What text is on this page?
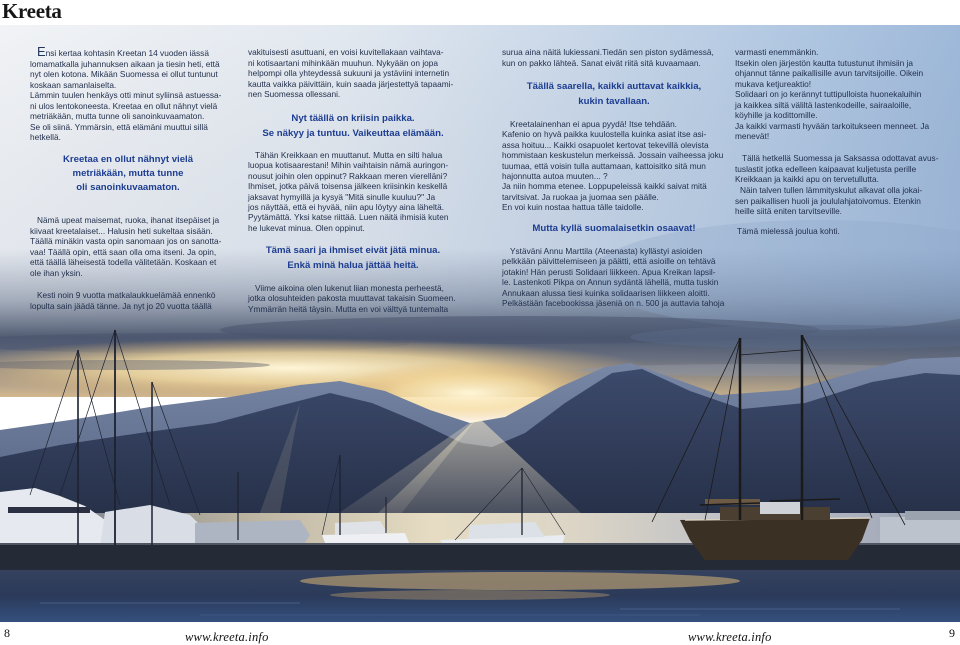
Kreeta
Ensi kertaa kohtasin Kreetan 14 vuoden iässä
lomamatkalla juhannuksen aikaan ja tiesin heti, että
nyt olen kotona. Mikään Suomessa ei ollut tuntunut
koskaan samanlaiselta.
Lämmin tuulen henkäys otti minut syliinsä astuessa-
ni ulos lentokoneesta. Kreetaa en ollut nähnyt vielä
metriäkään, mutta tunne oli sanoinkuvaamaton.
Se oli siinä. Ymmärsin, että elämäni muuttui sillä
hetkellä.
Kreetaa en ollut nähnyt vielä
metriäkään, mutta tunne
oli sanoinkuvaamaton.
Nämä upeat maisemat, ruoka, ihanat itsepäiset ja
kiivaat kreetalaiset... Halusin heti sukeltaa sisään.
Täällä minäkin vasta opin sanomaan jos on sanotta-
vaa! Täällä opin, että saan olla oma itseni. Ja opin,
että täällä läheisestä todella välitetään. Koskaan et
ole ihan yksin.
Kesti noin 9 vuotta matkalaukkuelämää ennenkö
lopulta sain jäädä tänne. Ja nyt jo 20 vuotta täällä
vakituisesti asuttuani, en voisi kuvitellakaan vaihtava-
ni kotisaartani mihinkään muuhun. Nykyään on jopa
helpompi olla yhteydessä sukuuni ja ystäviini internetin
kautta vaikka päivittäin, kuin saada järjestettyä tapaami-
nen Suomessa ollessani.
Nyt täällä on kriisin paikka.
Se näkyy ja tuntuu. Vaikeuttaa elämään.
Tähän Kreikkaan en muuttanut. Mutta en silti halua
luopua kotisaarestani! Mihin vaihtaisin nämä auringon-
nousut joihin olen oppinut? Rakkaan meren vierelläni?
Ihmiset, jotka päivä toisensa jälkeen kriisinkin keskellä
jaksavat hymyillä ja kysyä "Mitä sinulle kuuluu?" Ja
jos näyttää, että ei hyvää, niin apu löytyy aina läheltä.
Pyytämättä. Yksi katse riittää. Luen näitä ihmisiä kuten
he lukevat minua. Olen oppinut.
Tämä saari ja ihmiset eivät jätä minua.
Enkä minä halua jättää heitä.
Viime aikoina olen lukenut liian monesta perheestä,
jotka olosuhteiden pakosta muuttavat takaisin Suomeen.
Ymmärrän heitä täysin. Mutta en voi välttyä tuntemalta
surua aina näitä lukiessani.Tiedän sen piston sydämessä,
kun on pakko lähteä. Sanat eivät riitä sitä kuvaamaan.
Täällä saarella, kaikki auttavat kaikkia,
kukin tavallaan.
Kreetalainenhan ei apua pyydä! Itse tehdään.
Kafenio on hyvä paikka kuulostella kuinka asiat itse asi-
assa hoituu... Kaikki osapuolet kertovat tekevillä olevista
hommistaan keskustelun merkeissä. Jossain vaiheessa joku
tuumaa, että voisin tulla auttamaan, kattoisitko sitä mun
hajonnutta autoa muuten... ?
Ja niin homma etenee. Loppupeleissä kaikki saivat mitä
tarvitsivat. Ja ruokaa ja juomaa sen päälle.
En voi kuin nostaa hattua tälle taidolle.
Mutta kyllä suomalaisetkin osaavat!
Ystäväni Annu Marttila (Ateenasta) kyllästyi asioiden
pelkkään päivittelemiseen ja päätti, että asioille on tehtävä
jotakin! Hän perusti Solidaari liikkeen. Apua Kreikan lapsil-
le. Lastenkoti Pikpa on Annun sydäntä lähellä, mutta tuskin
Annukaan alussa tiesi kuinka solidaarisen liikkeen aloitti.
Pelkästään facebookissa jäseniä on n. 500 ja auttavia tahoja
varmasti enemmänkin.
Itsekin olen järjestön kautta tutustunut ihmisiin ja
ohjannut tänne paikallisille avun tarvitsijoille. Oikein
mukava ketjureaktio!
Solidaari on jo kerännyt tuttipulloista huonekaluihin
ja kaikkea siltä väliltä lastenkodeille, sairaaloille,
köyhille ja kodittomille.
Ja kaikki varmasti hyvään tarkoitukseen menneet. Ja
menevät!
Tällä hetkellä Suomessa ja Saksassa odottavat avus-
tuslastit jotka edelleen kaipaavat kuljetusta perille
Kreikkaan ja kaikki apu on tervetullutta.
Näin talven tullen lämmityskulut alkavat olla jokai-
sen paikallisen huoli ja joululahjatoivomus. Etenkin
heille siitä eniten tarvitseville.
Tämä mielessä joulua kohti.
8	www.kreeta.info	www.kreeta.info	9
